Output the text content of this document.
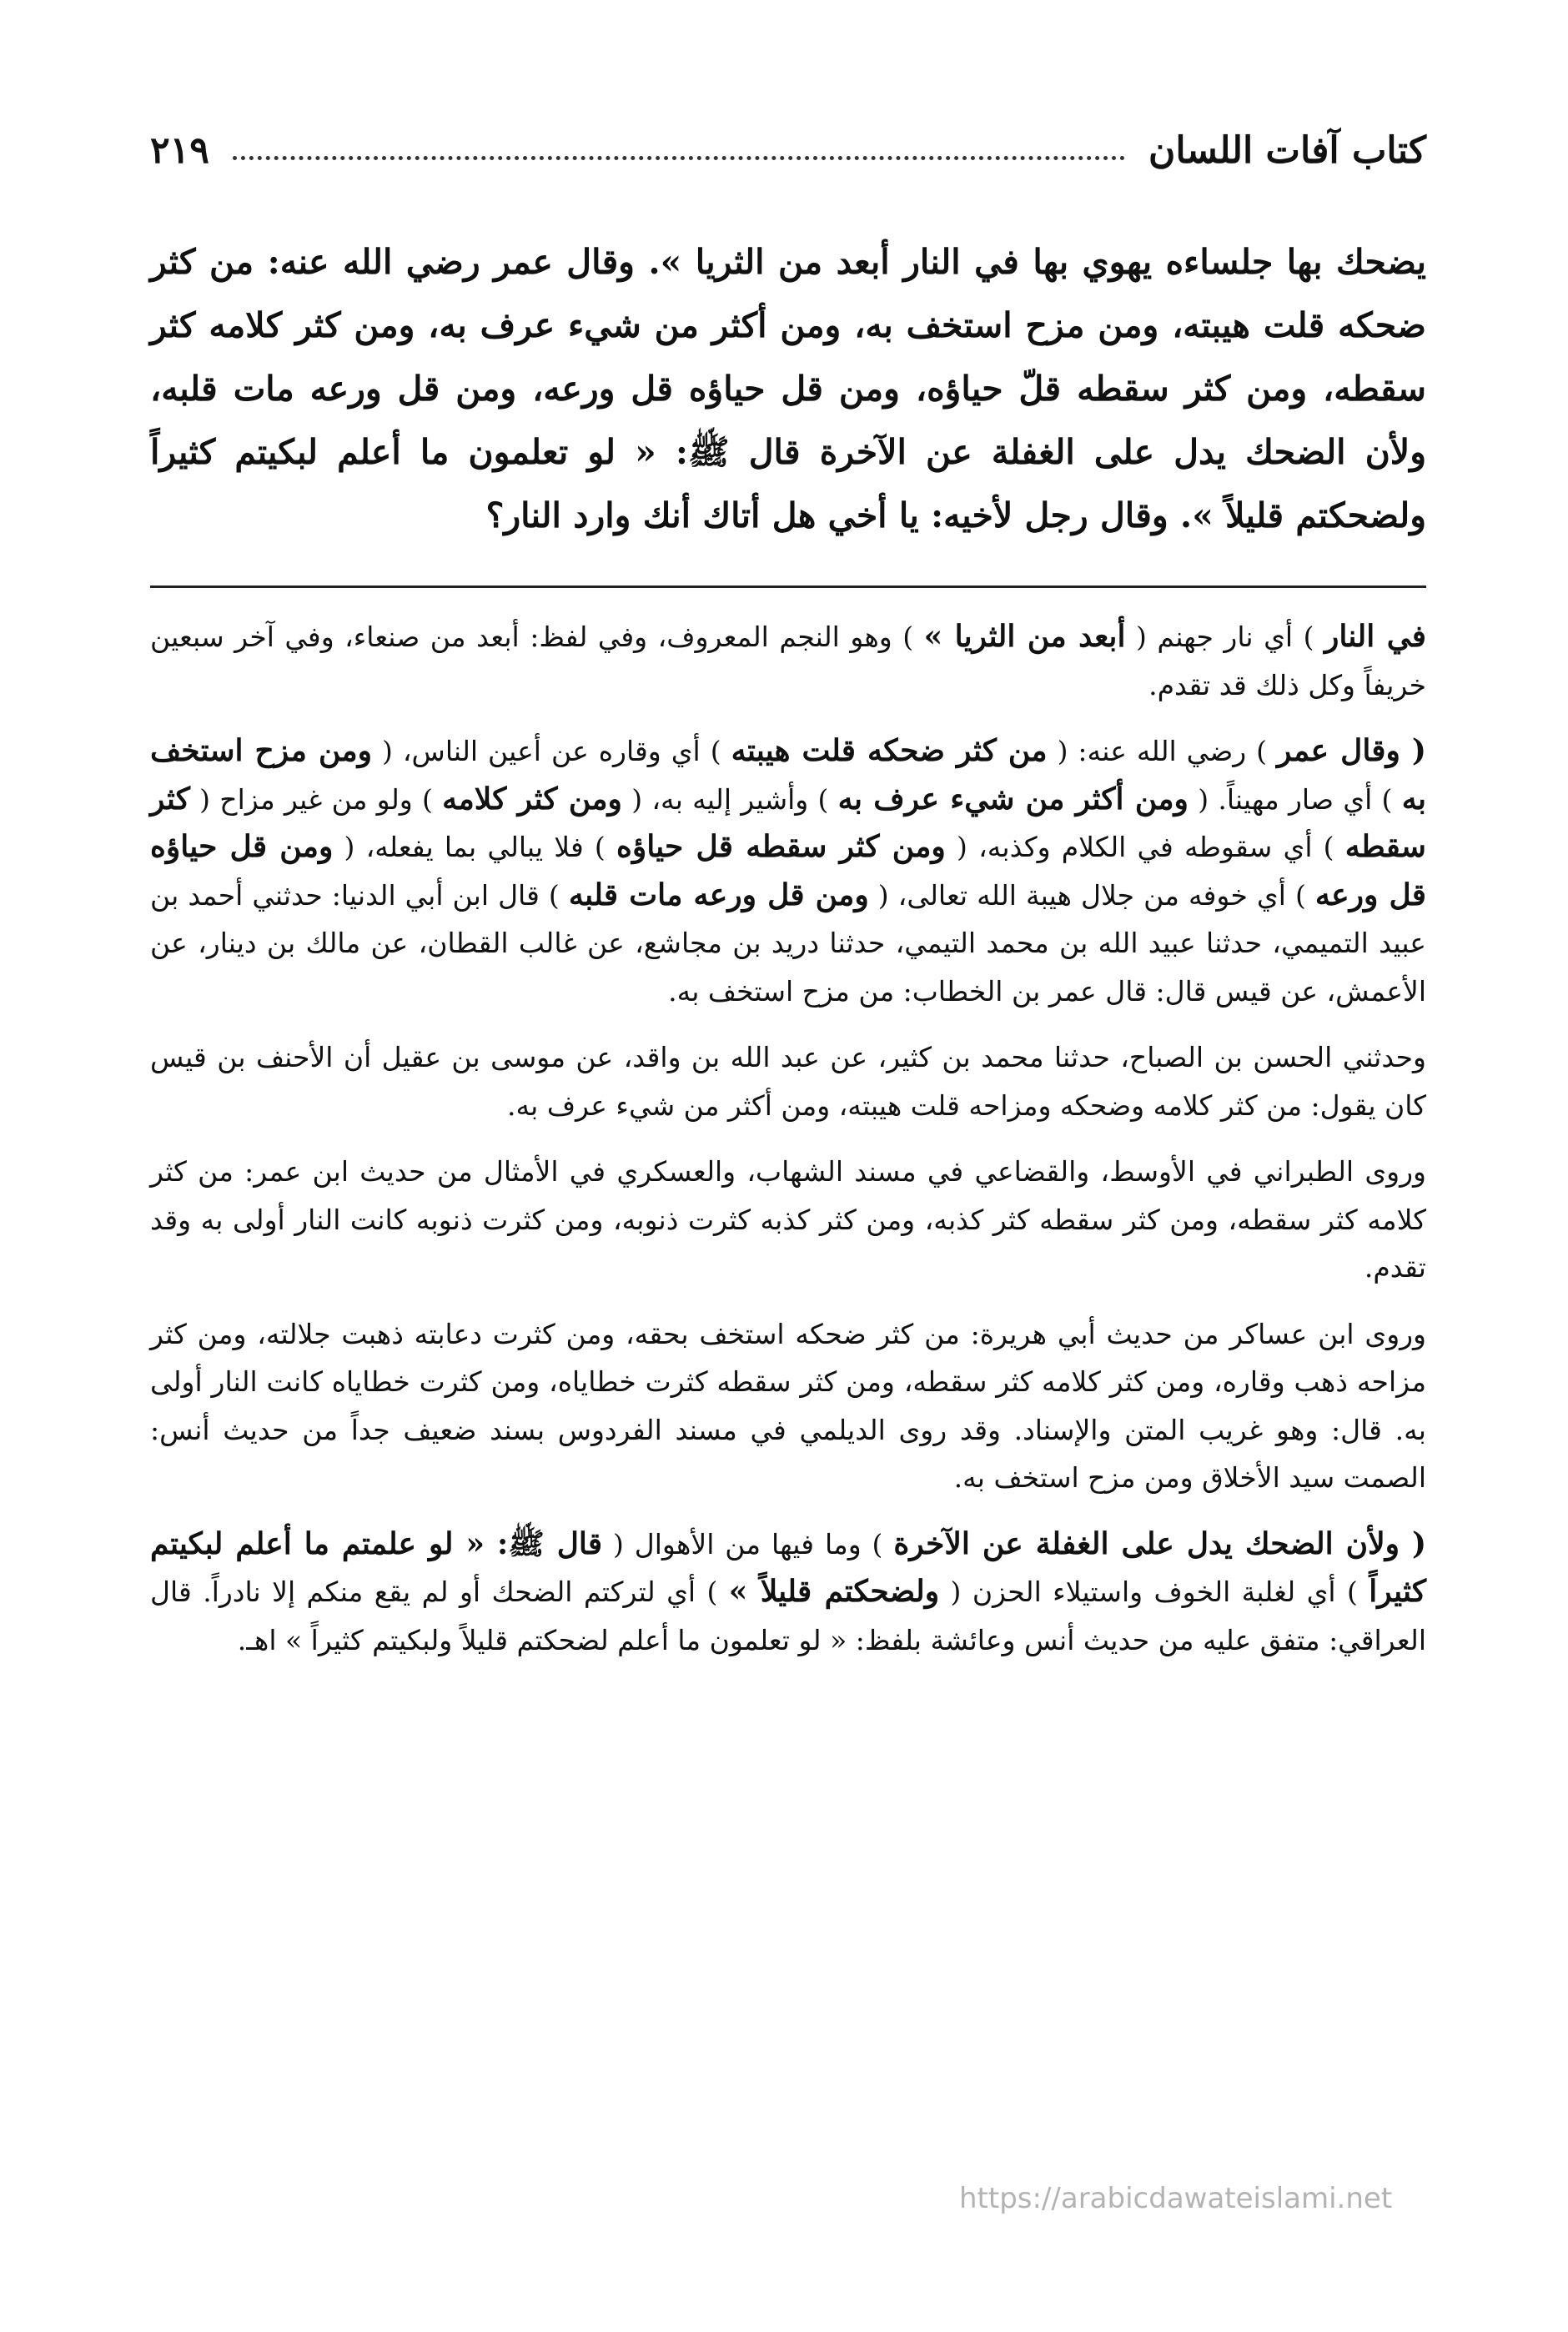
كتاب آفات اللسان
٢١٩
يضحك بها جلساءه يهوي بها في النار أبعد من الثريا ». وقال عمر رضي الله عنه: من كثر ضحكه قلت هيبته، ومن مزح استخف به، ومن أكثر من شيء عرف به، ومن كثر كلامه كثر سقطه، ومن كثر سقطه قلّ حياؤه، ومن قل حياؤه قل ورعه، ومن قل ورعه مات قلبه، ولأن الضحك يدل على الغفلة عن الآخرة قال ﷺ: « لو تعلمون ما أعلم لبكيتم كثيراً ولضحكتم قليلاً ». وقال رجل لأخيه: يا أخي هل أتاك أنك وارد النار؟

في النار ) أي نار جهنم ( أبعد من الثريا » ) وهو النجم المعروف، وفي لفظ: أبعد من صنعاء، وفي آخر سبعين خريفاً وكل ذلك قد تقدم.

( وقال عمر ) رضي الله عنه: ( من كثر ضحكه قلت هيبته ) أي وقاره عن أعين الناس، ( ومن مزح استخف به ) أي صار مهيناً. ( ومن أكثر من شيء عرف به ) وأشير إليه به، ( ومن كثر كلامه ) ولو من غير مزاح ( كثر سقطه ) أي سقوطه في الكلام وكذبه، ( ومن كثر سقطه قل حياؤه ) فلا يبالي بما يفعله، ( ومن قل حياؤه قل ورعه ) أي خوفه من جلال هيبة الله تعالى، ( ومن قل ورعه مات قلبه ) قال ابن أبي الدنيا: حدثني أحمد بن عبيد التميمي، حدثنا عبيد الله بن محمد التيمي، حدثنا دريد بن مجاشع، عن غالب القطان، عن مالك بن دينار، عن الأعمش، عن قيس قال: قال عمر بن الخطاب: من مزح استخف به.

وحدثني الحسن بن الصباح، حدثنا محمد بن كثير، عن عبد الله بن واقد، عن موسى بن عقيل أن الأحنف بن قيس كان يقول: من كثر كلامه وضحكه ومزاحه قلت هيبته، ومن أكثر من شيء عرف به.

وروى الطبراني في الأوسط، والقضاعي في مسند الشهاب، والعسكري في الأمثال من حديث ابن عمر: من كثر كلامه كثر سقطه، ومن كثر سقطه كثر كذبه، ومن كثر كذبه كثرت ذنوبه، ومن كثرت ذنوبه كانت النار أولى به وقد تقدم.

وروى ابن عساكر من حديث أبي هريرة: من كثر ضحكه استخف بحقه، ومن كثرت دعابته ذهبت جلالته، ومن كثر مزاحه ذهب وقاره، ومن كثر كلامه كثر سقطه، ومن كثر سقطه كثرت خطاياه، ومن كثرت خطاياه كانت النار أولى به. قال: وهو غريب المتن والإسناد. وقد روى الديلمي في مسند الفردوس بسند ضعيف جداً من حديث أنس: الصمت سيد الأخلاق ومن مزح استخف به.

( ولأن الضحك يدل على الغفلة عن الآخرة ) وما فيها من الأهوال ( قال ﷺ: « لو علمتم ما أعلم لبكيتم كثيراً ) أي لغلبة الخوف واستيلاء الحزن ( ولضحكتم قليلاً » ) أي لتركتم الضحك أو لم يقع منكم إلا نادراً. قال العراقي: متفق عليه من حديث أنس وعائشة بلفظ: « لو تعلمون ما أعلم لضحكتم قليلاً ولبكيتم كثيراً » اهـ.

https://arabicdawateislami.net
